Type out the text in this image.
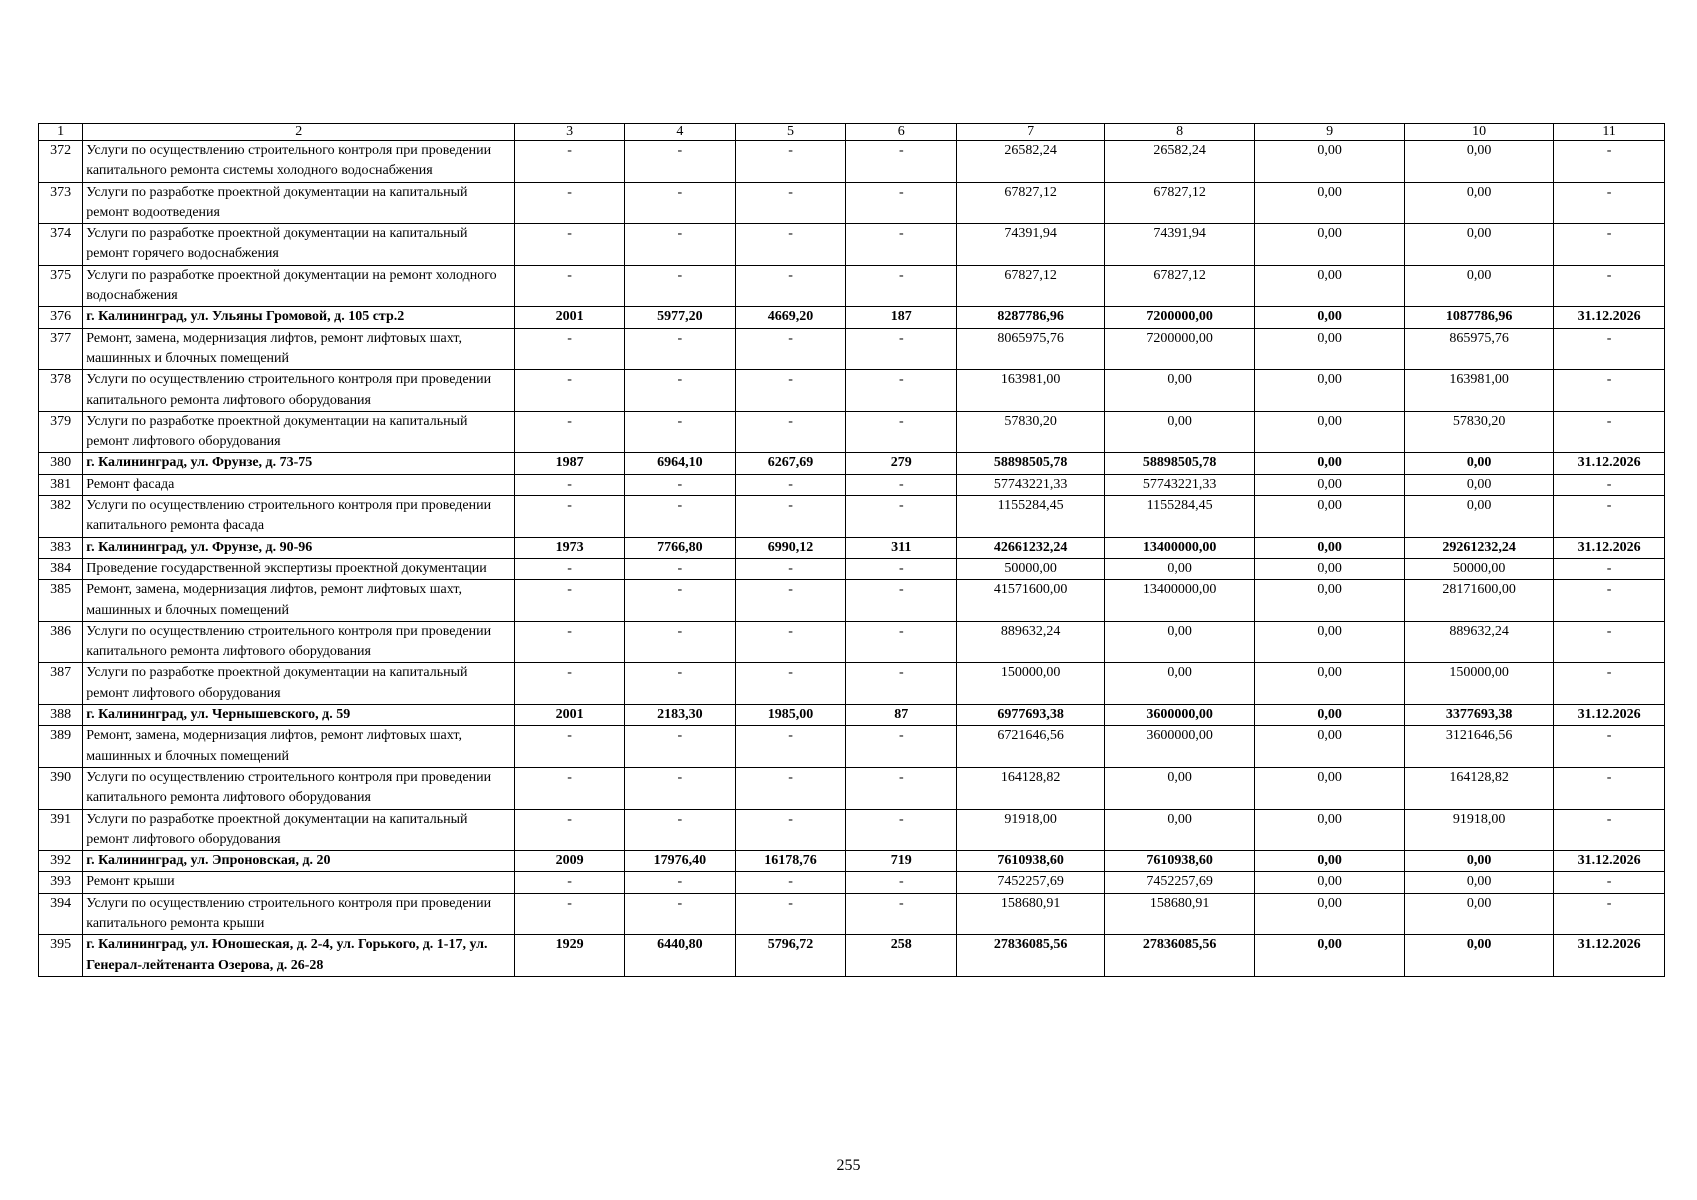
1	2	3	4	5	6	7	8	9	10	11
372	Услуги по осуществлению строительного контроля при проведении капитального ремонта системы холодного водоснабжения	-	-	-	-	26582,24	26582,24	0,00	0,00	-
373	Услуги по разработке проектной документации на капитальный ремонт водоотведения	-	-	-	-	67827,12	67827,12	0,00	0,00	-
374	Услуги по разработке проектной документации на капитальный ремонт горячего водоснабжения	-	-	-	-	74391,94	74391,94	0,00	0,00	-
375	Услуги по разработке проектной документации на ремонт холодного водоснабжения	-	-	-	-	67827,12	67827,12	0,00	0,00	-
376	г. Калининград, ул. Ульяны Громовой, д. 105 стр.2	2001	5977,20	4669,20	187	8287786,96	7200000,00	0,00	1087786,96	31.12.2026
377	Ремонт, замена, модернизация лифтов, ремонт лифтовых шахт, машинных и блочных помещений	-	-	-	-	8065975,76	7200000,00	0,00	865975,76	-
378	Услуги по осуществлению строительного контроля при проведении капитального ремонта лифтового оборудования	-	-	-	-	163981,00	0,00	0,00	163981,00	-
379	Услуги по разработке проектной документации на капитальный ремонт лифтового оборудования	-	-	-	-	57830,20	0,00	0,00	57830,20	-
380	г. Калининград, ул. Фрунзе, д. 73-75	1987	6964,10	6267,69	279	58898505,78	58898505,78	0,00	0,00	31.12.2026
381	Ремонт фасада	-	-	-	-	57743221,33	57743221,33	0,00	0,00	-
382	Услуги по осуществлению строительного контроля при проведении капитального ремонта фасада	-	-	-	-	1155284,45	1155284,45	0,00	0,00	-
383	г. Калининград, ул. Фрунзе, д. 90-96	1973	7766,80	6990,12	311	42661232,24	13400000,00	0,00	29261232,24	31.12.2026
384	Проведение государственной экспертизы проектной документации	-	-	-	-	50000,00	0,00	0,00	50000,00	-
385	Ремонт, замена, модернизация лифтов, ремонт лифтовых шахт, машинных и блочных помещений	-	-	-	-	41571600,00	13400000,00	0,00	28171600,00	-
386	Услуги по осуществлению строительного контроля при проведении капитального ремонта лифтового оборудования	-	-	-	-	889632,24	0,00	0,00	889632,24	-
387	Услуги по разработке проектной документации на капитальный ремонт лифтового оборудования	-	-	-	-	150000,00	0,00	0,00	150000,00	-
388	г. Калининград, ул. Чернышевского, д. 59	2001	2183,30	1985,00	87	6977693,38	3600000,00	0,00	3377693,38	31.12.2026
389	Ремонт, замена, модернизация лифтов, ремонт лифтовых шахт, машинных и блочных помещений	-	-	-	-	6721646,56	3600000,00	0,00	3121646,56	-
390	Услуги по осуществлению строительного контроля при проведении капитального ремонта лифтового оборудования	-	-	-	-	164128,82	0,00	0,00	164128,82	-
391	Услуги по разработке проектной документации на капитальный ремонт лифтового оборудования	-	-	-	-	91918,00	0,00	0,00	91918,00	-
392	г. Калининград, ул. Эпроновская, д. 20	2009	17976,40	16178,76	719	7610938,60	7610938,60	0,00	0,00	31.12.2026
393	Ремонт крыши	-	-	-	-	7452257,69	7452257,69	0,00	0,00	-
394	Услуги по осуществлению строительного контроля при проведении капитального ремонта крыши	-	-	-	-	158680,91	158680,91	0,00	0,00	-
395	г. Калининград, ул. Юношеская, д. 2-4, ул. Горького, д. 1-17, ул. Генерал-лейтенанта Озерова, д. 26-28	1929	6440,80	5796,72	258	27836085,56	27836085,56	0,00	0,00	31.12.2026
255
